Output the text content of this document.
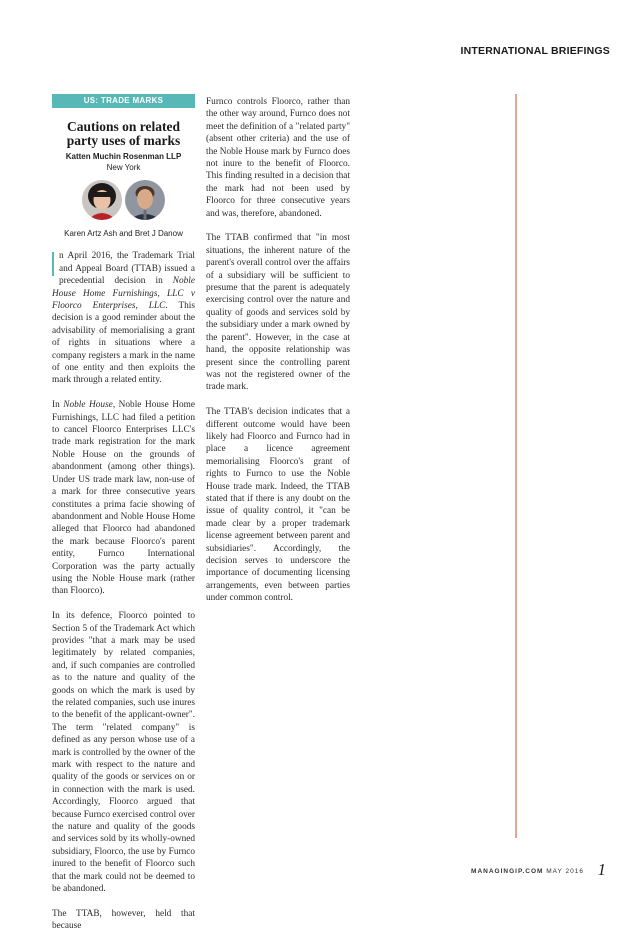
INTERNATIONAL BRIEFINGS
US: TRADE MARKS
Cautions on related party uses of marks
Katten Muchin Rosenman LLP
New York
Karen Artz Ash and Bret J Danow

n April 2016, the Trademark Trial and Appeal Board (TTAB) issued a precedential decision in Noble House Home Furnishings, LLC v Floorco Enterprises, LLC. This decision is a good reminder about the advisability of memorialising a grant of rights in situations where a company registers a mark in the name of one entity and then exploits the mark through a related entity.

In Noble House, Noble House Home Furnishings, LLC had filed a petition to cancel Floorco Enterprises LLC's trade mark registration for the mark Noble House on the grounds of abandonment (among other things). Under US trade mark law, non-use of a mark for three consecutive years constitutes a prima facie showing of abandonment and Noble House Home alleged that Floorco had abandoned the mark because Floorco's parent entity, Furnco International Corporation was the party actually using the Noble House mark (rather than Floorco).

In its defence, Floorco pointed to Section 5 of the Trademark Act which provides "that a mark may be used legitimately by related companies, and, if such companies are controlled as to the nature and quality of the goods on which the mark is used by the related companies, such use inures to the benefit of the applicant-owner". The term "related company" is defined as any person whose use of a mark is controlled by the owner of the mark with respect to the nature and quality of the goods or services on or in connection with the mark is used. Accordingly, Floorco argued that because Furnco exercised control over the nature and quality of the goods and services sold by its wholly-owned subsidiary, Floorco, the use by Furnco inured to the benefit of Floorco such that the mark could not be deemed to be abandoned.

The TTAB, however, held that because

Furnco controls Floorco, rather than the other way around, Furnco does not meet the definition of a "related party" (absent other criteria) and the use of the Noble House mark by Furnco does not inure to the benefit of Floorco. This finding resulted in a decision that the mark had not been used by Floorco for three consecutive years and was, therefore, abandoned.

The TTAB confirmed that "in most situations, the inherent nature of the parent's overall control over the affairs of a subsidiary will be sufficient to presume that the parent is adequately exercising control over the nature and quality of goods and services sold by the subsidiary under a mark owned by the parent". However, in the case at hand, the opposite relationship was present since the controlling parent was not the registered owner of the trade mark.

The TTAB's decision indicates that a different outcome would have been likely had Floorco and Furnco had in place a licence agreement memorialising Floorco's grant of rights to Furnco to use the Noble House trade mark. Indeed, the TTAB stated that if there is any doubt on the issue of quality control, it "can be made clear by a proper trademark license agreement between parent and subsidiaries". Accordingly, the decision serves to underscore the importance of documenting licensing arrangements, even between parties under common control.

MANAGINGIP.COM MAY 2016 1
